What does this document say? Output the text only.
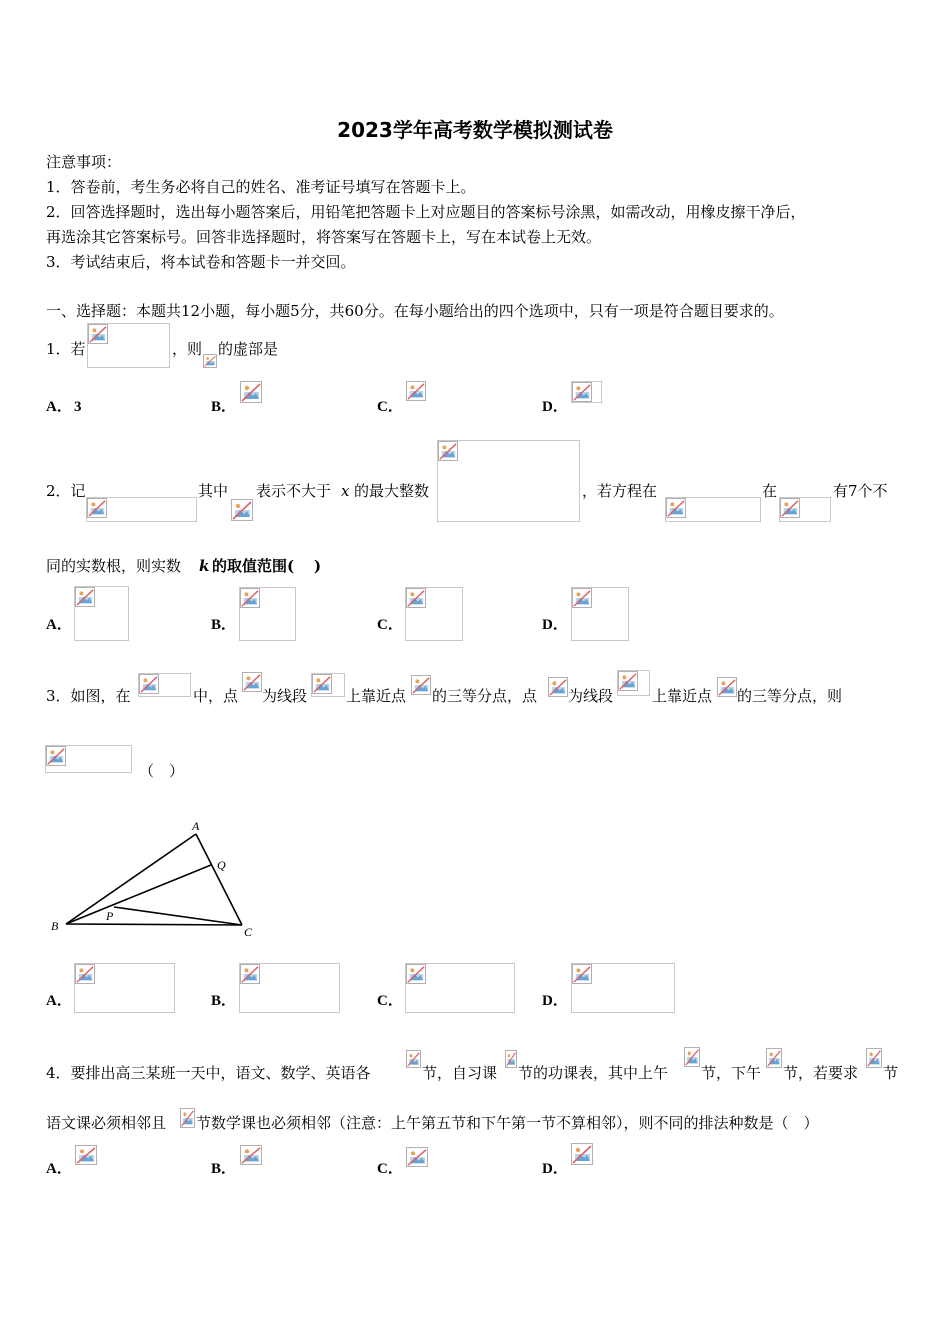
2023学年高考数学模拟测试卷
注意事项：
1．答卷前，考生务必将自己的姓名、准考证号填写在答题卡上。
2．回答选择题时，选出每小题答案后，用铅笔把答题卡上对应题目的答案标号涂黑，如需改动，用橡皮擦干净后，
再选涂其它答案标号。回答非选择题时，将答案写在答题卡上，写在本试卷上无效。
3．考试结束后，将本试卷和答题卡一并交回。
一、选择题：本题共12小题，每小题5分，共60分。在每小题给出的四个选项中，只有一项是符合题目要求的。
1．若	，则 的虚部是
A． 3	B．	C．	D．
2．记	其中 表示不大于 x 的最大整数	，若方程在	在	有7个不
同的实数根，则实数 k 的取值范围( )
A．	B．	C．	D．
3．如图，在	中，点 为线段	上靠近点 的三等分点，点 为线段	上靠近点 的三等分点，则
（　）
A
B	C
P
Q
A．	B．	C．	D．
4．要排出高三某班一天中，语文、数学、英语各	节，自习课 节的功课表，其中上午 节，下午 节，若要求 节
语文课必须相邻且 节数学课也必须相邻（注意：上午第五节和下午第一节不算相邻），则不同的排法种数是（　）
A．	B．	C．	D．
